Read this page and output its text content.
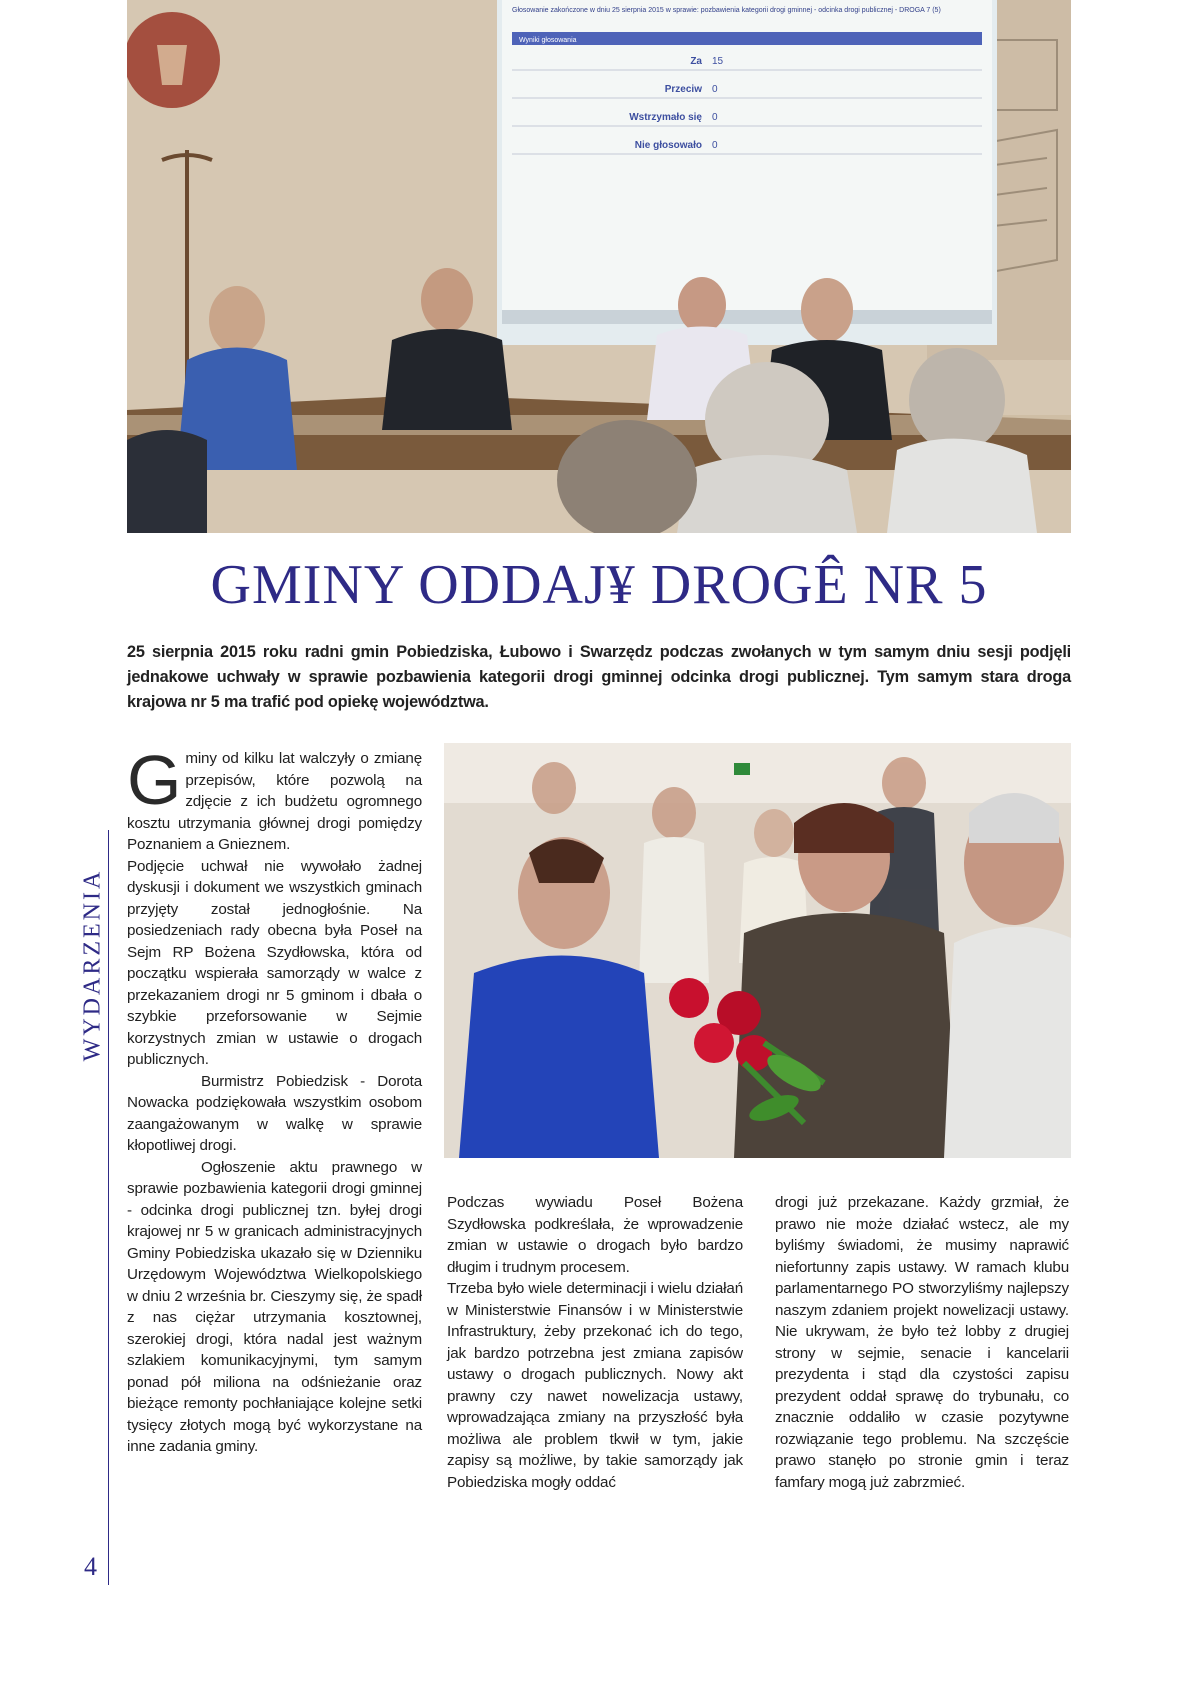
Głosowanie zakończone w dniu 25 sierpnia 2015 w sprawie: pozbawienia kategorii drogi gminnej - odcinka drogi publicznej - DROGA 7 (5)
Wyniki głosowania
Za 15
Przeciw 0
Wstrzymało się 0
Nie głosowało 0
GMINY ODDAJ¥ DROGÊ NR 5

25 sierpnia 2015 roku radni gmin Pobiedziska, Łubowo i Swarzędz podczas zwołanych w tym samym dniu sesji podjęli jednakowe uchwały w sprawie pozbawienia kategorii drogi gminnej odcinka drogi publicznej. Tym samym stara droga krajowa nr 5 ma trafić pod opiekę województwa.

WYDARZENIA
4

Gminy od kilku lat walczyły o zmianę przepisów, które pozwolą na zdjęcie z ich budżetu ogromnego kosztu utrzymania głównej drogi pomiędzy Poznaniem a Gnieznem.

Podjęcie uchwał nie wywołało żadnej dyskusji i dokument we wszystkich gminach przyjęty został jednogłośnie. Na posiedzeniach rady obecna była Poseł na Sejm RP Bożena Szydłowska, która od początku wspierała samorządy w walce z przekazaniem drogi nr 5 gminom i dbała o szybkie przeforsowanie w Sejmie korzystnych zmian w ustawie o drogach publicznych.

Burmistrz Pobiedzisk - Dorota Nowacka podziękowała wszystkim osobom zaangażowanym w walkę w sprawie kłopotliwej drogi.

Ogłoszenie aktu prawnego w sprawie pozbawienia kategorii drogi gminnej - odcinka drogi publicznej tzn. byłej drogi krajowej nr 5 w granicach administracyjnych Gminy Pobiedziska ukazało się w Dzienniku Urzędowym Województwa Wielkopolskiego w dniu 2 września br. Cieszymy się, że spadł z nas ciężar utrzymania kosztownej, szerokiej drogi, która nadal jest ważnym szlakiem komunikacyjnymi, tym samym ponad pół miliona na odśnieżanie oraz bieżące remonty pochłaniające kolejne setki tysięcy złotych mogą być wykorzystane na inne zadania gminy.

Podczas wywiadu Poseł Bożena Szydłowska podkreślała, że wprowadzenie zmian w ustawie o drogach było bardzo długim i trudnym procesem.

Trzeba było wiele determinacji i wielu działań w Ministerstwie Finansów i w Ministerstwie Infrastruktury, żeby przekonać ich do tego, jak bardzo potrzebna jest zmiana zapisów ustawy o drogach publicznych. Nowy akt prawny czy nawet nowelizacja ustawy, wprowadzająca zmiany na przyszłość była możliwa ale problem tkwił w tym, jakie zapisy są możliwe, by takie samorządy jak Pobiedziska mogły oddać

drogi już przekazane. Każdy grzmiał, że prawo nie może działać wstecz, ale my byliśmy świadomi, że musimy naprawić niefortunny zapis ustawy. W ramach klubu parlamentarnego PO stworzyliśmy najlepszy naszym zdaniem projekt nowelizacji ustawy. Nie ukrywam, że było też lobby z drugiej strony w sejmie, senacie i kancelarii prezydenta i stąd dla czystości zapisu prezydent oddał sprawę do trybunału, co znacznie oddaliło w czasie pozytywne rozwiązanie tego problemu. Na szczęście prawo stanęło po stronie gmin i teraz famfary mogą już zabrzmieć.
